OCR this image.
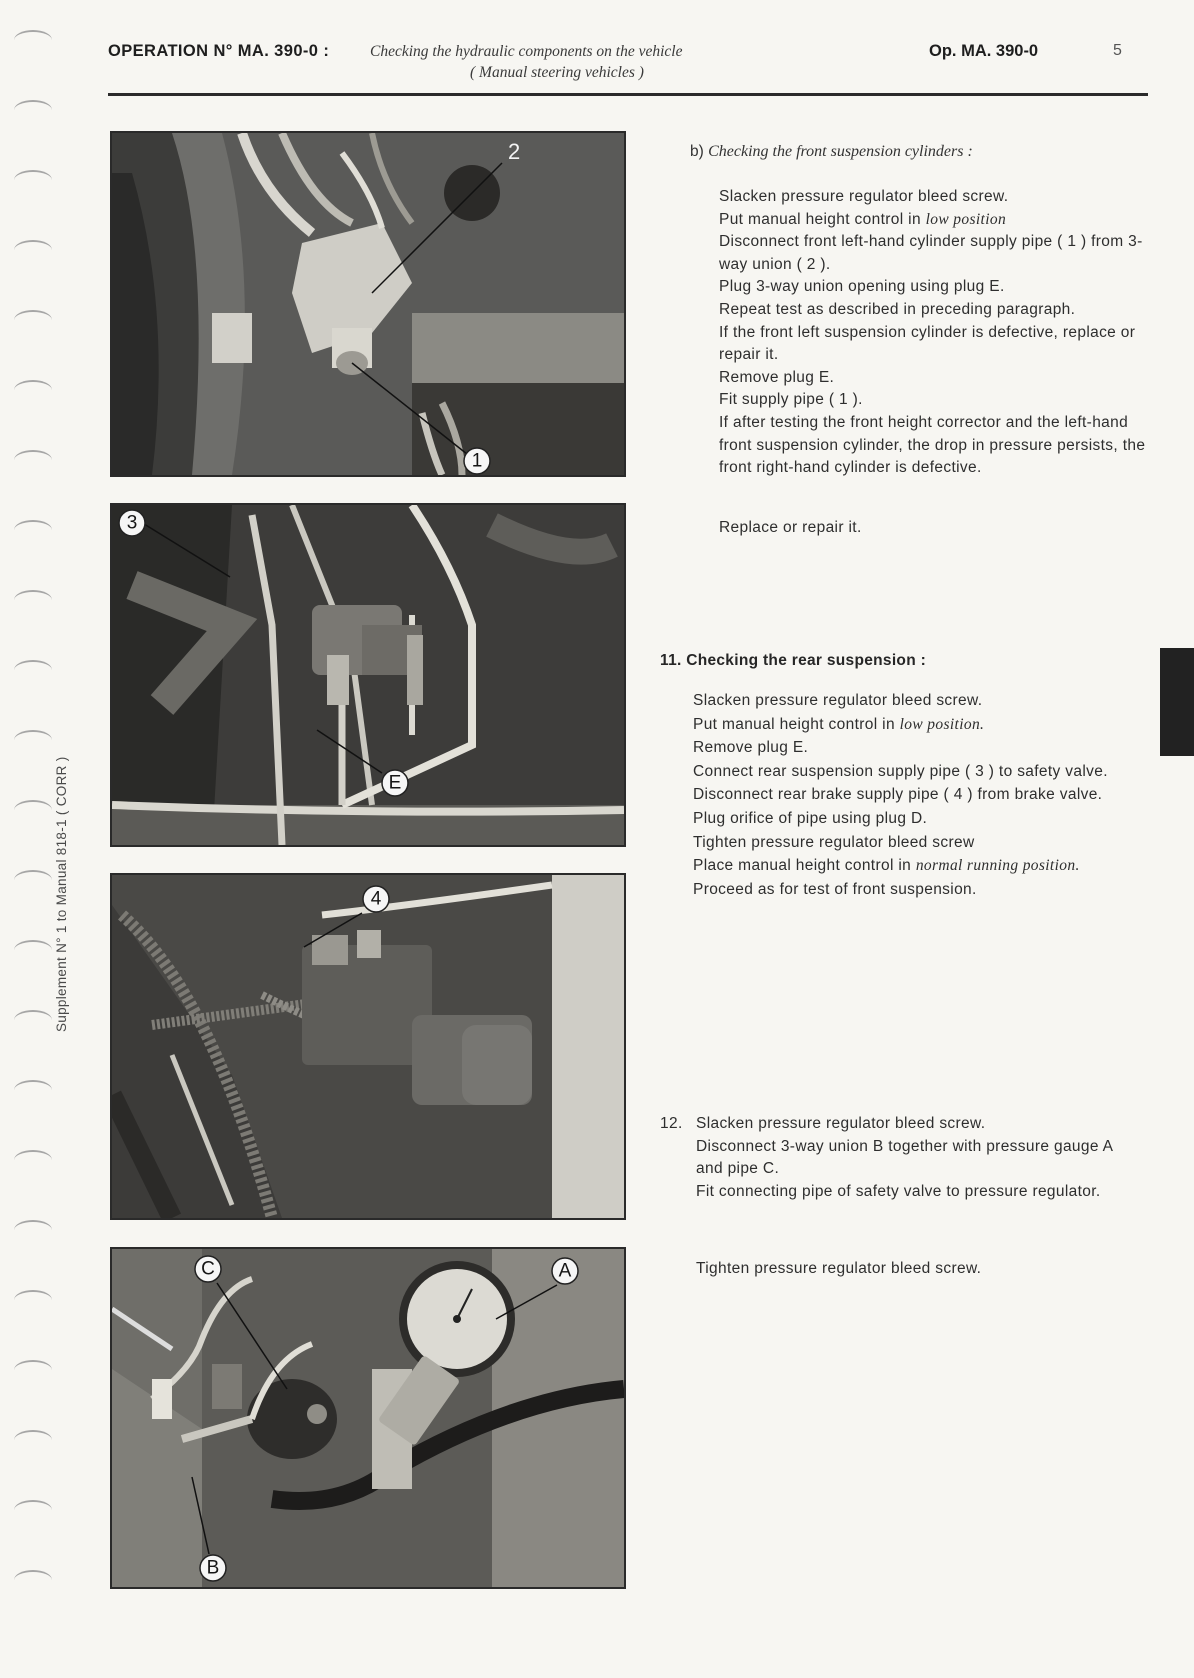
OPERATION N° MA. 390-0 :	Checking the hydraulic components on the vehicle
( Manual steering vehicles )
Op. MA. 390-0	5
Supplement N° 1 to Manual 818-1 ( CORR )
2
1
3
E
4
C	A
B
b) Checking the front suspension cylinders :

Slacken pressure regulator bleed screw.

Put manual height control in low position

Disconnect front left-hand cylinder supply pipe ( 1 ) from 3-way union ( 2 ).

Plug 3-way union opening using plug E.

Repeat test as described in preceding paragraph.

If the front left suspension cylinder is defective, replace or repair it.

Remove plug E.

Fit supply pipe ( 1 ).

If after testing the front height corrector and the left-hand front suspension cylinder, the drop in pressure persists, the front right-hand cylinder is defective.

Replace or repair it.

11. Checking the rear suspension :

Slacken pressure regulator bleed screw.

Put manual height control in low position.

Remove plug E.

Connect rear suspension supply pipe ( 3 ) to safety valve.

Disconnect rear brake supply pipe ( 4 ) from brake valve.

Plug orifice of pipe using plug D.

Tighten pressure regulator bleed screw

Place manual height control in normal running position.

Proceed as for test of front suspension.

12. Slacken pressure regulator bleed screw.

Disconnect 3-way union B together with pressure gauge A and pipe C.

Fit connecting pipe of safety valve to pressure regulator.

Tighten pressure regulator bleed screw.
